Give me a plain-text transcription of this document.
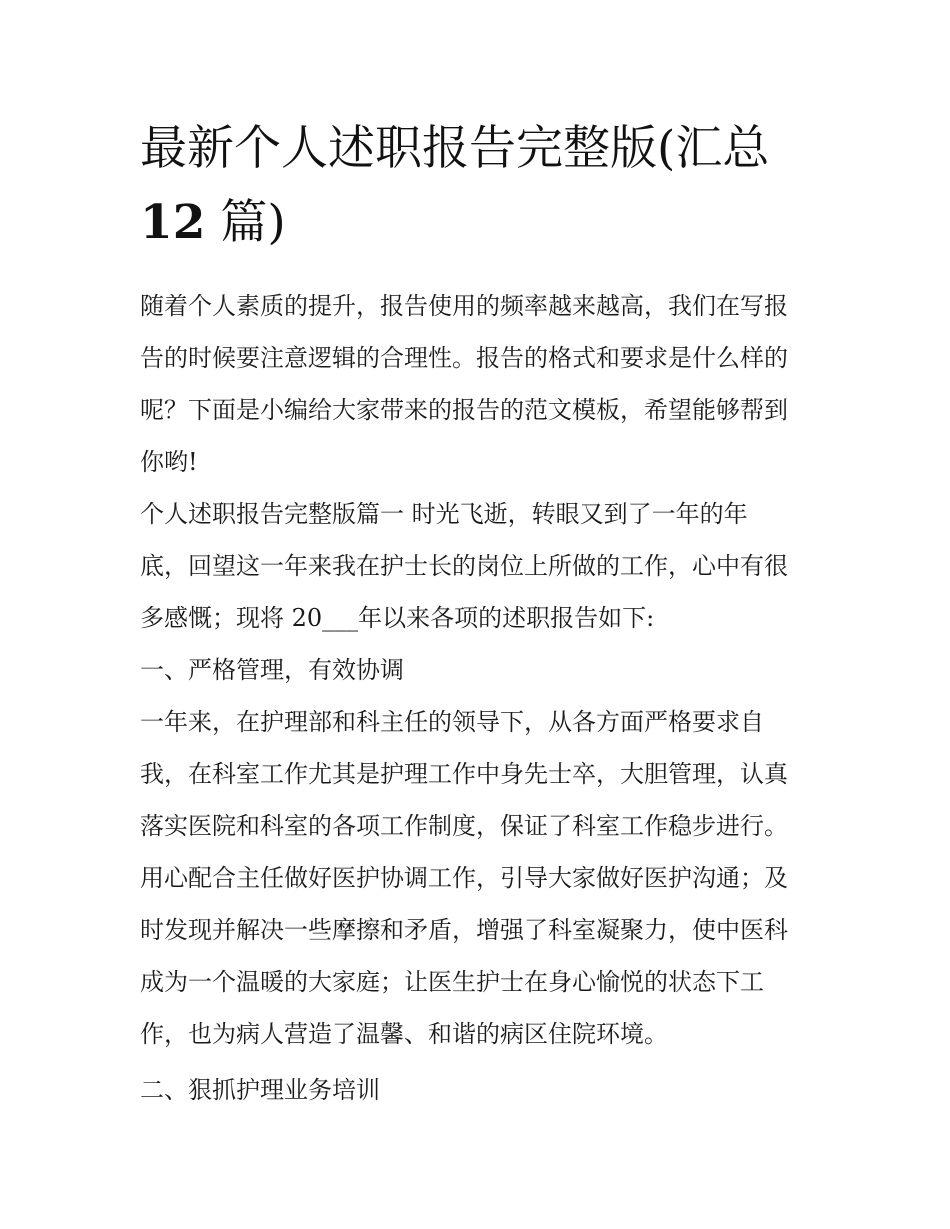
最新个人述职报告完整版(汇总
12 篇)
随着个人素质的提升，报告使用的频率越来越高，我们在写报
告的时候要注意逻辑的合理性。报告的格式和要求是什么样的
呢？下面是小编给大家带来的报告的范文模板，希望能够帮到
你哟!
个人述职报告完整版篇一 时光飞逝，转眼又到了一年的年
底，回望这一年来我在护士长的岗位上所做的工作，心中有很
多感慨；现将 20___年以来各项的述职报告如下:
一、严格管理，有效协调
一年来，在护理部和科主任的领导下，从各方面严格要求自
我，在科室工作尤其是护理工作中身先士卒，大胆管理，认真
落实医院和科室的各项工作制度，保证了科室工作稳步进行。
用心配合主任做好医护协调工作，引导大家做好医护沟通；及
时发现并解决一些摩擦和矛盾，增强了科室凝聚力，使中医科
成为一个温暖的大家庭；让医生护士在身心愉悦的状态下工
作，也为病人营造了温馨、和谐的病区住院环境。
二、狠抓护理业务培训
